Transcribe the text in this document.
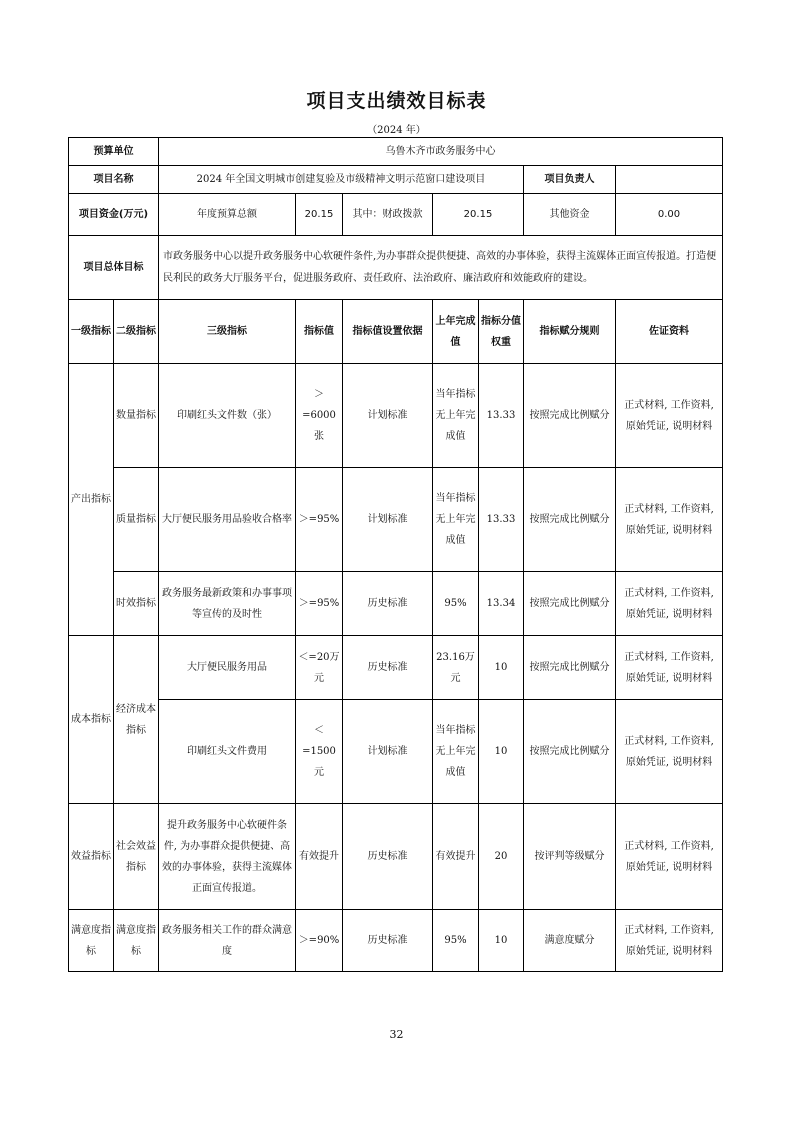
项目支出绩效目标表
（2024 年）
预算单位		乌鲁木齐市政务服务中心						
项目名称		2024 年全国文明城市创建复验及市级精神文明示范窗口建设项目					项目负责人	
项目资金(万元)		年度预算总额	20.15	其中：财政拨款	20.15		其他资金	0.00
项目总体目标		市政务服务中心以提升政务服务中心软硬件条件,为办事群众提供便捷、高效的办事体验，获得主流媒体正面宣传报道。打造便民利民的政务大厅服务平台，促进服务政府、责任政府、法治政府、廉洁政府和效能政府的建设。						
一级指标	二级指标	三级指标	指标值	指标值设置依据	上年完成值	指标分值权重	指标赋分规则	佐证资料
产出指标	数量指标	印刷红头文件数（张）	＞=6000张	计划标准	当年指标无上年完成值	13.33	按照完成比例赋分	正式材料, 工作资料, 原始凭证, 说明材料
	质量指标	大厅便民服务用品验收合格率	＞=95%	计划标准	当年指标无上年完成值	13.33	按照完成比例赋分	正式材料, 工作资料, 原始凭证, 说明材料
	时效指标	政务服务最新政策和办事事项等宣传的及时性	＞=95%	历史标准	95%	13.34	按照完成比例赋分	正式材料, 工作资料, 原始凭证, 说明材料
成本指标	经济成本指标	大厅便民服务用品	＜=20万元	历史标准	23.16万元	10	按照完成比例赋分	正式材料, 工作资料, 原始凭证, 说明材料
		印刷红头文件费用	＜=1500元	计划标准	当年指标无上年完成值	10	按照完成比例赋分	正式材料, 工作资料, 原始凭证, 说明材料
效益指标	社会效益指标	提升政务服务中心软硬件条件, 为办事群众提供便捷、高效的办事体验，获得主流媒体正面宣传报道。	有效提升	历史标准	有效提升	20	按评判等级赋分	正式材料, 工作资料, 原始凭证, 说明材料
满意度指标	满意度指标	政务服务相关工作的群众满意度	＞=90%	历史标准	95%	10	满意度赋分	正式材料, 工作资料, 原始凭证, 说明材料
32
